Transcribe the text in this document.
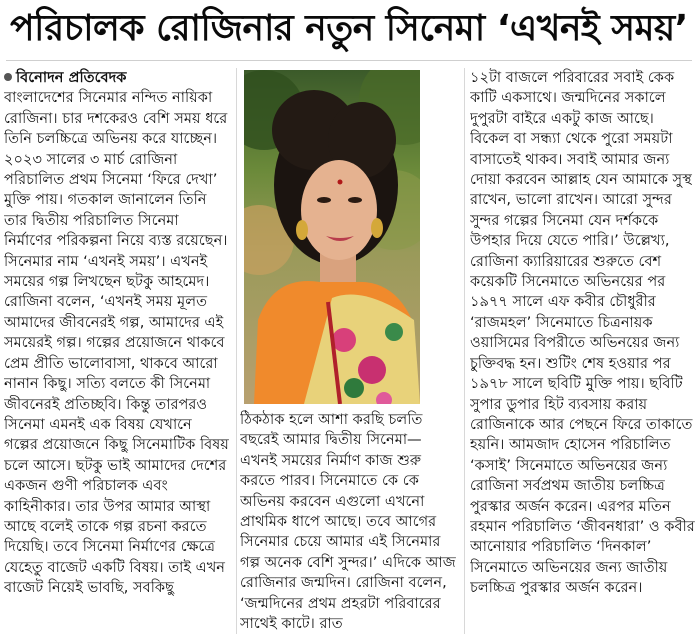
পরিচালক রোজিনার নতুন সিনেমা ‘এখনই সময়’

বিনোদন প্রতিবেদক

বাংলাদেশের সিনেমার নন্দিত নায়িকা রোজিনা। চার দশকেরও বেশি সময় ধরে তিনি চলচ্চিত্রে অভিনয় করে যাচ্ছেন। ২০২৩ সালের ৩ মার্চ রোজিনা পরিচালিত প্রথম সিনেমা ‘ফিরে দেখা’ মুক্তি পায়। গতকাল জানালেন তিনি তার দ্বিতীয় পরিচালিত সিনেমা নির্মাণের পরিকল্পনা নিয়ে ব্যস্ত রয়েছেন। সিনেমার নাম ‘এখনই সময়’। এখনই সময়ের গল্প লিখছেন ছটকু আহমেদ। রোজিনা বলেন, ‘এখনই সময় মূলত আমাদের জীবনেরই গল্প, আমাদের এই সময়েরই গল্প। গল্পের প্রয়োজনে থাকবে প্রেম প্রীতি ভালোবাসা, থাকবে আরো নানান কিছু। সত্যি বলতে কী সিনেমা জীবনেরই প্রতিচ্ছবি। কিন্তু তারপরও সিনেমা এমনই এক বিষয় যেখানে গল্পের প্রয়োজনে কিছু সিনেমাটিক বিষয় চলে আসে। ছটকু ভাই আমাদের দেশের একজন গুণী পরিচালক এবং কাহিনীকার। তার উপর আমার আস্থা আছে বলেই তাকে গল্প রচনা করতে দিয়েছি। তবে সিনেমা নির্মাণের ক্ষেত্রে যেহেতু বাজেট একটি বিষয়। তাই এখন বাজেট নিয়েই ভাবছি, সবকিছু

ঠিকঠাক হলে আশা করছি চলতি বছরেই আমার দ্বিতীয় সিনেমা— এখনই সময়ের নির্মাণ কাজ শুরু করতে পারব। সিনেমাতে কে কে অভিনয় করবেন এগুলো এখনো প্রাথমিক ধাপে আছে। তবে আগের সিনেমার চেয়ে আমার এই সিনেমার গল্প অনেক বেশি সুন্দর।’ এদিকে আজ রোজিনার জন্মদিন। রোজিনা বলেন, ‘জন্মদিনের প্রথম প্রহরটা পরিবারের সাথেই কাটে। রাত

১২টা বাজলে পরিবারের সবাই কেক কাটি একসাথে। জন্মদিনের সকালে দুপুরটা বাইরে একটু কাজ আছে। বিকেল বা সন্ধ্যা থেকে পুরো সময়টা বাসাতেই থাকব। সবাই আমার জন্য দোয়া করবেন আল্লাহ যেন আমাকে সুস্থ রাখেন, ভালো রাখেন। আরো সুন্দর সুন্দর গল্পের সিনেমা যেন দর্শককে উপহার দিয়ে যেতে পারি।’ উল্লেখ্য, রোজিনা ক্যারিয়ারের শুরুতে বেশ কয়েকটি সিনেমাতে অভিনয়ের পর ১৯৭৭ সালে এফ কবীর চৌধুরীর ‘রাজমহল’ সিনেমাতে চিত্রনায়ক ওয়াসিমের বিপরীতে অভিনয়ের জন্য চুক্তিবদ্ধ হন। শুটিং শেষ হওয়ার পর ১৯৭৮ সালে ছবিটি মুক্তি পায়। ছবিটি সুপার ডুপার হিট ব্যবসায় করায় রোজিনাকে আর পেছনে ফিরে তাকাতে হয়নি। আমজাদ হোসেন পরিচালিত ‘কসাই’ সিনেমাতে অভিনয়ের জন্য রোজিনা সর্বপ্রথম জাতীয় চলচ্চিত্র পুরস্কার অর্জন করেন। এরপর মতিন রহমান পরিচালিত ‘জীবনধারা’ ও কবীর আনোয়ার পরিচালিত ‘দিনকাল’ সিনেমাতে অভিনয়ের জন্য জাতীয় চলচ্চিত্র পুরস্কার অর্জন করেন।
